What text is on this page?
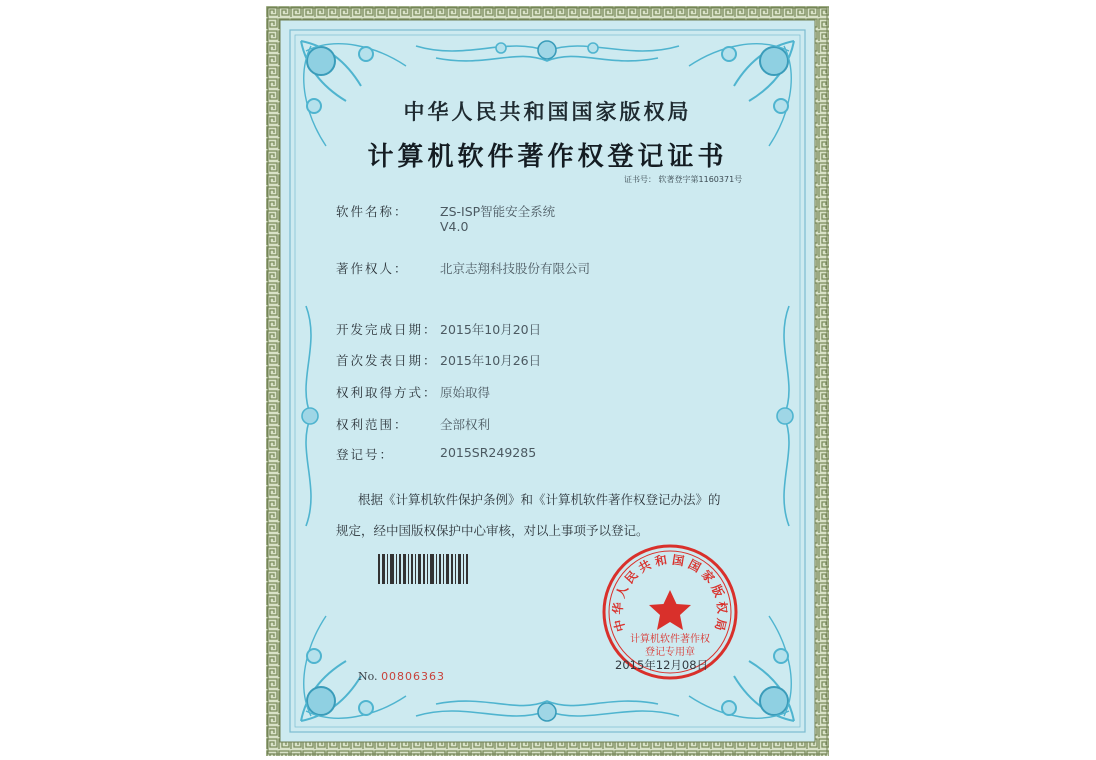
中
华
人
民
共 和 国 国
家
版
权
局
计算机软件著作权
登记专用章
中华人民共和国国家版权局
计算机软件著作权登记证书
证书号： 软著登字第1160371号
软件名称：	ZS-ISP智能安全系统
V4.0
著作权人：	北京志翔科技股份有限公司
开发完成日期： 2015年10月20日
首次发表日期： 2015年10月26日
权利取得方式： 原始取得
权利范围：	全部权利
登记号：	2015SR249285
根据《计算机软件保护条例》和《计算机软件著作权登记办法》的
规定，经中国版权保护中心审核，对以上事项予以登记。
No. 00806363
2015年12月08日
